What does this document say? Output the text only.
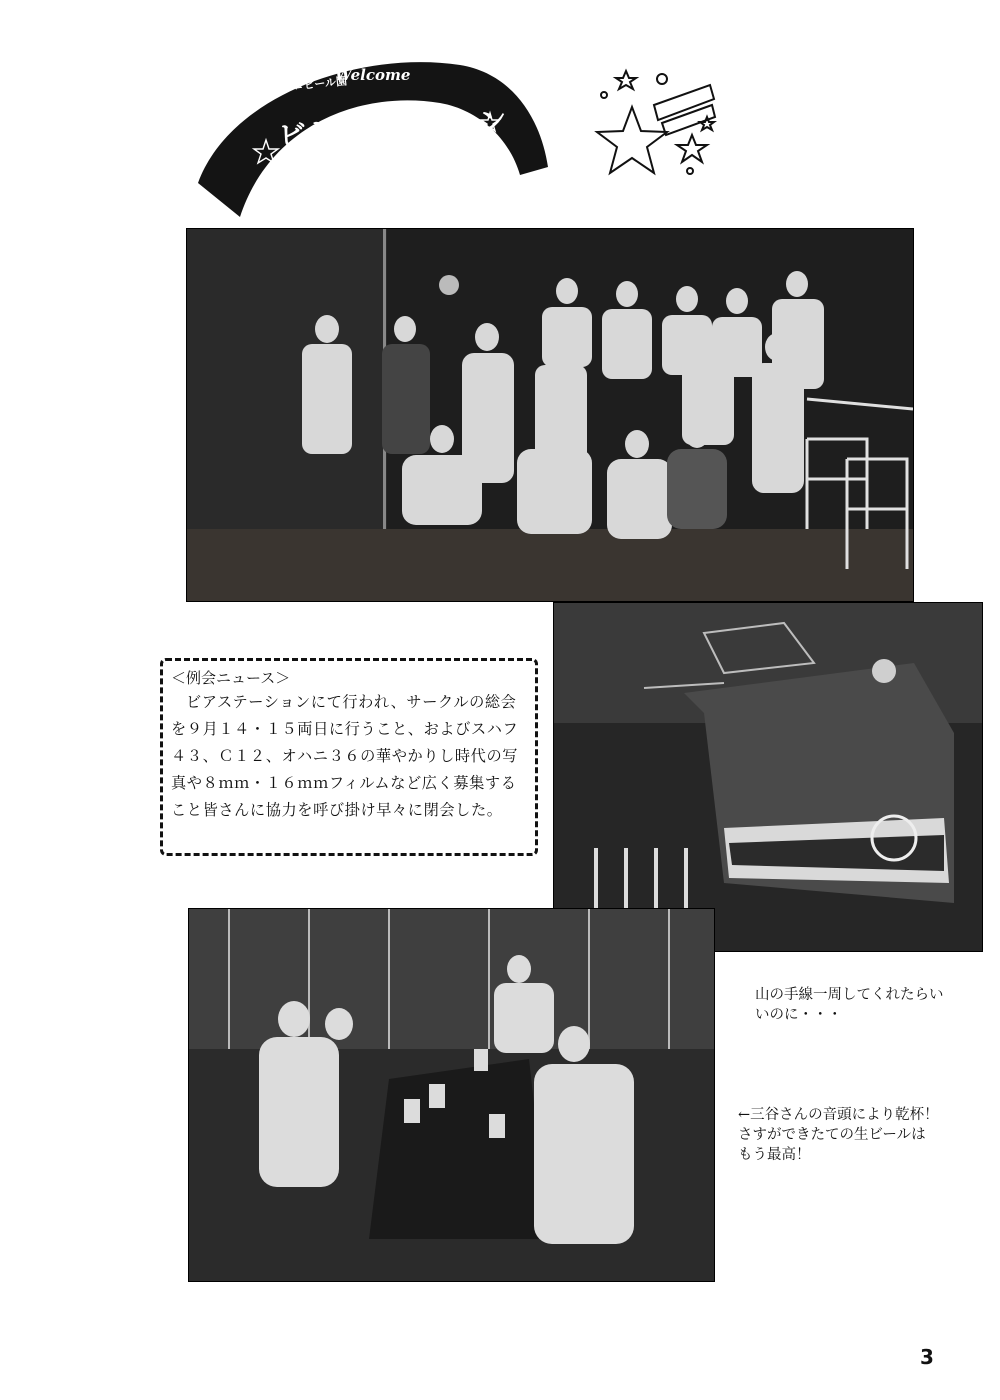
サッポロビール園
Welcome
ビヤステーション
＜例会ニュース＞

ビアステーションにて行われ、サークルの総会を９月１４・１５両日に行うこと、およびスハフ４３、Ｃ１２、オハニ３６の華やかりし時代の写真や８ｍｍ・１６ｍｍフィルムなど広く募集すること皆さんに協力を呼び掛け早々に閉会した。

山の手線一周してくれたらい
いのに・・・
←三谷さんの音頭により乾杯！
さすができたての生ビールは
もう最高！
3
